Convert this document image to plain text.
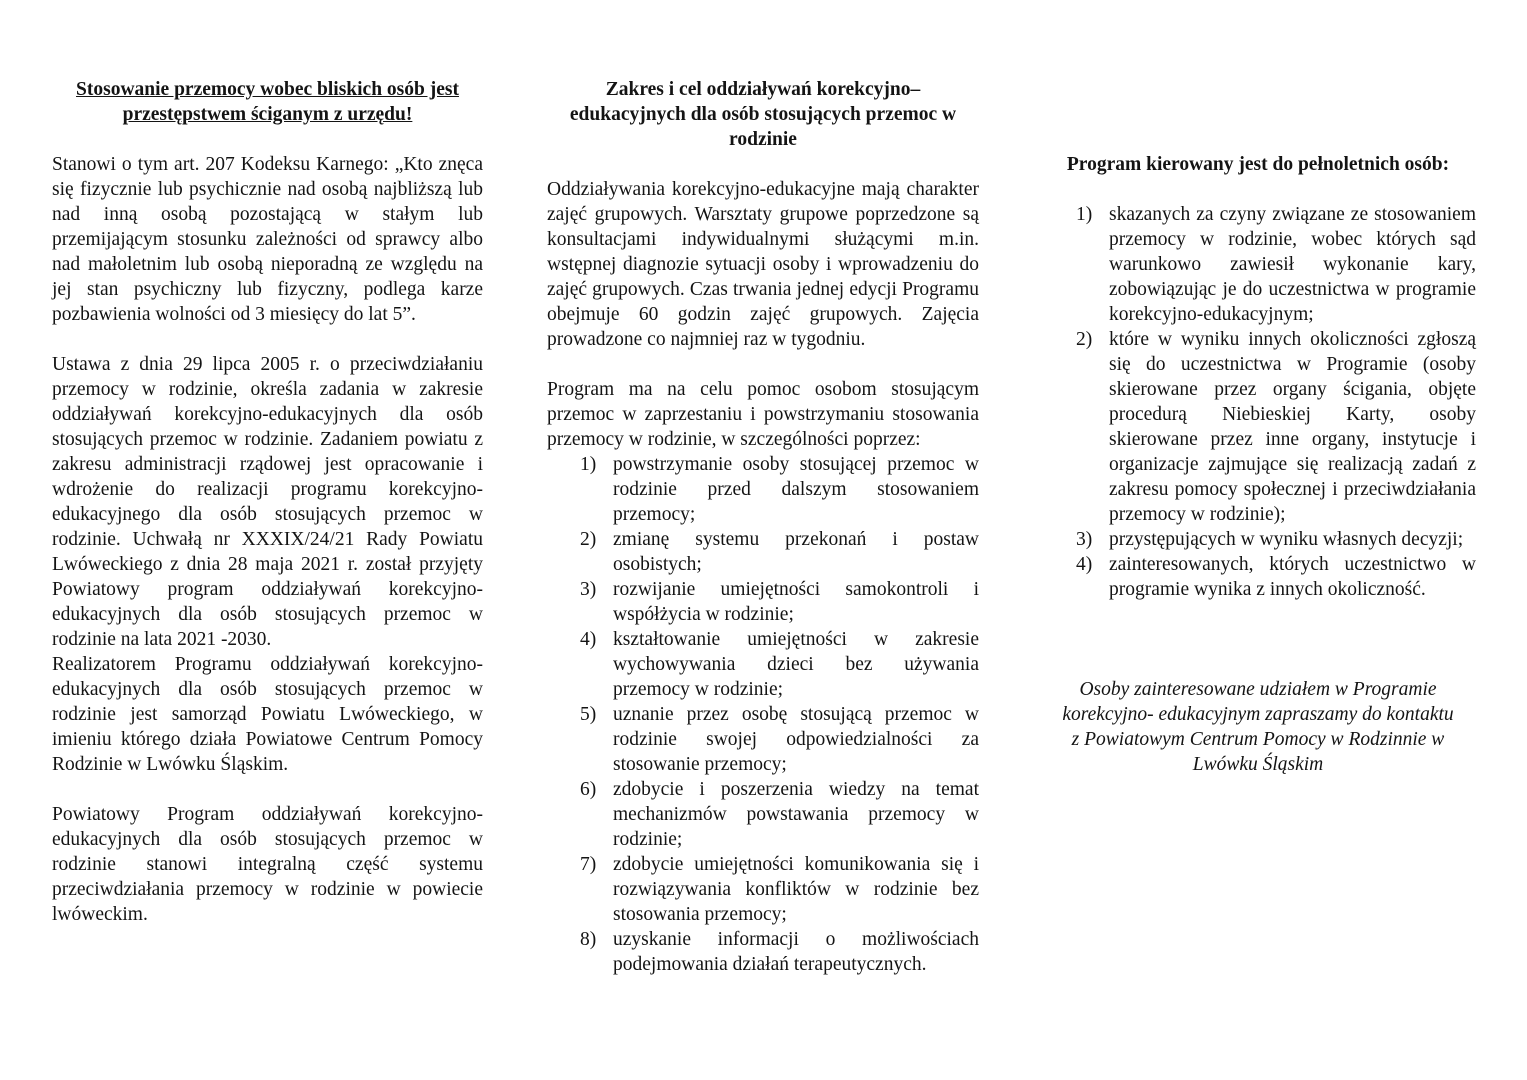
Stosowanie przemocy wobec bliskich osób jest przestępstwem ściganym z urzędu!

Stanowi o tym art. 207 Kodeksu Karnego: „Kto znęca się fizycznie lub psychicznie nad osobą najbliższą lub nad inną osobą pozostającą w stałym lub przemijającym stosunku zależności od sprawcy albo nad małoletnim lub osobą nieporadną ze względu na jej stan psychiczny lub fizyczny, podlega karze pozbawienia wolności od 3 miesięcy do lat 5”.

Ustawa z dnia 29 lipca 2005 r. o przeciwdziałaniu przemocy w rodzinie, określa zadania w zakresie oddziaływań korekcyjno-edukacyjnych dla osób stosujących przemoc w rodzinie. Zadaniem powiatu z zakresu administracji rządowej jest opracowanie i wdrożenie do realizacji programu korekcyjno-edukacyjnego dla osób stosujących przemoc w rodzinie. Uchwałą nr XXXIX/24/21 Rady Powiatu Lwóweckiego z dnia 28 maja 2021 r. został przyjęty Powiatowy program oddziaływań korekcyjno-edukacyjnych dla osób stosujących przemoc w rodzinie na lata 2021 -2030.

Realizatorem Programu oddziaływań korekcyjno-edukacyjnych dla osób stosujących przemoc w rodzinie jest samorząd Powiatu Lwóweckiego, w imieniu którego działa Powiatowe Centrum Pomocy Rodzinie w Lwówku Śląskim.

Powiatowy Program oddziaływań korekcyjno-edukacyjnych dla osób stosujących przemoc w rodzinie stanowi integralną część systemu przeciwdziałania przemocy w rodzinie w powiecie lwóweckim.

Zakres i cel oddziaływań korekcyjno–edukacyjnych dla osób stosujących przemoc w rodzinie

Oddziaływania korekcyjno-edukacyjne mają charakter zajęć grupowych. Warsztaty grupowe poprzedzone są konsultacjami indywidualnymi służącymi m.in. wstępnej diagnozie sytuacji osoby i wprowadzeniu do zajęć grupowych. Czas trwania jednej edycji Programu obejmuje 60 godzin zajęć grupowych. Zajęcia prowadzone co najmniej raz w tygodniu.

Program ma na celu pomoc osobom stosującym przemoc w zaprzestaniu i powstrzymaniu stosowania przemocy w rodzinie, w szczególności poprzez:

1) powstrzymanie osoby stosującej przemoc w rodzinie przed dalszym stosowaniem przemocy;
2) zmianę systemu przekonań i postaw osobistych;
3) rozwijanie umiejętności samokontroli i współżycia w rodzinie;
4) kształtowanie umiejętności w zakresie wychowywania dzieci bez używania przemocy w rodzinie;
5) uznanie przez osobę stosującą przemoc w rodzinie swojej odpowiedzialności za stosowanie przemocy;
6) zdobycie i poszerzenia wiedzy na temat mechanizmów powstawania przemocy w rodzinie;
7) zdobycie umiejętności komunikowania się i rozwiązywania konfliktów w rodzinie bez stosowania przemocy;
8) uzyskanie informacji o możliwościach podejmowania działań terapeutycznych.

Program kierowany jest do pełnoletnich osób:

1) skazanych za czyny związane ze stosowaniem przemocy w rodzinie, wobec których sąd warunkowo zawiesił wykonanie kary, zobowiązując je do uczestnictwa w programie korekcyjno-edukacyjnym;
2) które w wyniku innych okoliczności zgłoszą się do uczestnictwa w Programie (osoby skierowane przez organy ścigania, objęte procedurą Niebieskiej Karty, osoby skierowane przez inne organy, instytucje i organizacje zajmujące się realizacją zadań z zakresu pomocy społecznej i przeciwdziałania przemocy w rodzinie);
3) przystępujących w wyniku własnych decyzji;
4) zainteresowanych, których uczestnictwo w programie wynika z innych okoliczność.

Osoby zainteresowane udziałem w Programie korekcyjno- edukacyjnym zapraszamy do kontaktu z Powiatowym Centrum Pomocy w Rodzinnie w Lwówku Śląskim
